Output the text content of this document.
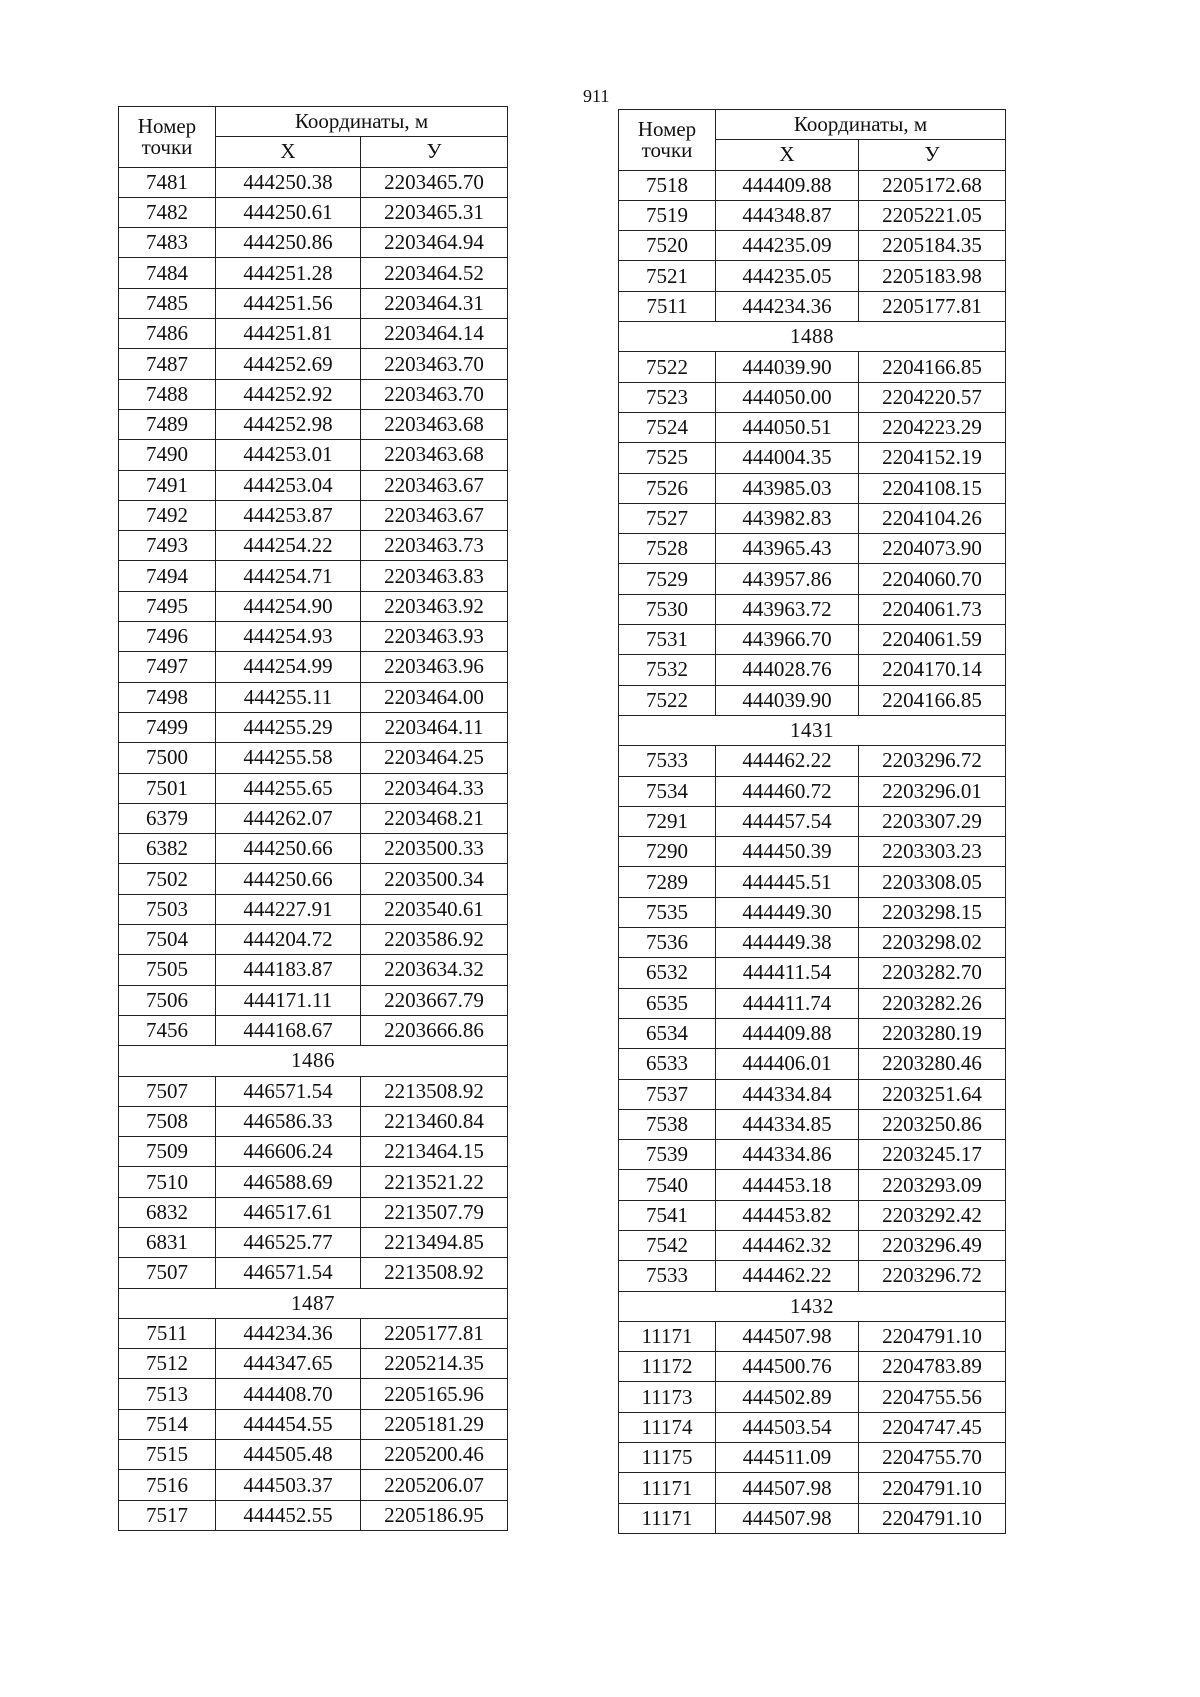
911
Номер
точки	Координаты, м	
	X	У
7481	444250.38	2203465.70
7482	444250.61	2203465.31
7483	444250.86	2203464.94
7484	444251.28	2203464.52
7485	444251.56	2203464.31
7486	444251.81	2203464.14
7487	444252.69	2203463.70
7488	444252.92	2203463.70
7489	444252.98	2203463.68
7490	444253.01	2203463.68
7491	444253.04	2203463.67
7492	444253.87	2203463.67
7493	444254.22	2203463.73
7494	444254.71	2203463.83
7495	444254.90	2203463.92
7496	444254.93	2203463.93
7497	444254.99	2203463.96
7498	444255.11	2203464.00
7499	444255.29	2203464.11
7500	444255.58	2203464.25
7501	444255.65	2203464.33
6379	444262.07	2203468.21
6382	444250.66	2203500.33
7502	444250.66	2203500.34
7503	444227.91	2203540.61
7504	444204.72	2203586.92
7505	444183.87	2203634.32
7506	444171.11	2203667.79
7456	444168.67	2203666.86
1486		
7507	446571.54	2213508.92
7508	446586.33	2213460.84
7509	446606.24	2213464.15
7510	446588.69	2213521.22
6832	446517.61	2213507.79
6831	446525.77	2213494.85
7507	446571.54	2213508.92
1487		
7511	444234.36	2205177.81
7512	444347.65	2205214.35
7513	444408.70	2205165.96
7514	444454.55	2205181.29
7515	444505.48	2205200.46
7516	444503.37	2205206.07
7517	444452.55	2205186.95
Номер
точки	Координаты, м	
	X	У
7518	444409.88	2205172.68
7519	444348.87	2205221.05
7520	444235.09	2205184.35
7521	444235.05	2205183.98
7511	444234.36	2205177.81
1488		
7522	444039.90	2204166.85
7523	444050.00	2204220.57
7524	444050.51	2204223.29
7525	444004.35	2204152.19
7526	443985.03	2204108.15
7527	443982.83	2204104.26
7528	443965.43	2204073.90
7529	443957.86	2204060.70
7530	443963.72	2204061.73
7531	443966.70	2204061.59
7532	444028.76	2204170.14
7522	444039.90	2204166.85
1431		
7533	444462.22	2203296.72
7534	444460.72	2203296.01
7291	444457.54	2203307.29
7290	444450.39	2203303.23
7289	444445.51	2203308.05
7535	444449.30	2203298.15
7536	444449.38	2203298.02
6532	444411.54	2203282.70
6535	444411.74	2203282.26
6534	444409.88	2203280.19
6533	444406.01	2203280.46
7537	444334.84	2203251.64
7538	444334.85	2203250.86
7539	444334.86	2203245.17
7540	444453.18	2203293.09
7541	444453.82	2203292.42
7542	444462.32	2203296.49
7533	444462.22	2203296.72
1432		
11171	444507.98	2204791.10
11172	444500.76	2204783.89
11173	444502.89	2204755.56
11174	444503.54	2204747.45
11175	444511.09	2204755.70
11171	444507.98	2204791.10
11171	444507.98	2204791.10
